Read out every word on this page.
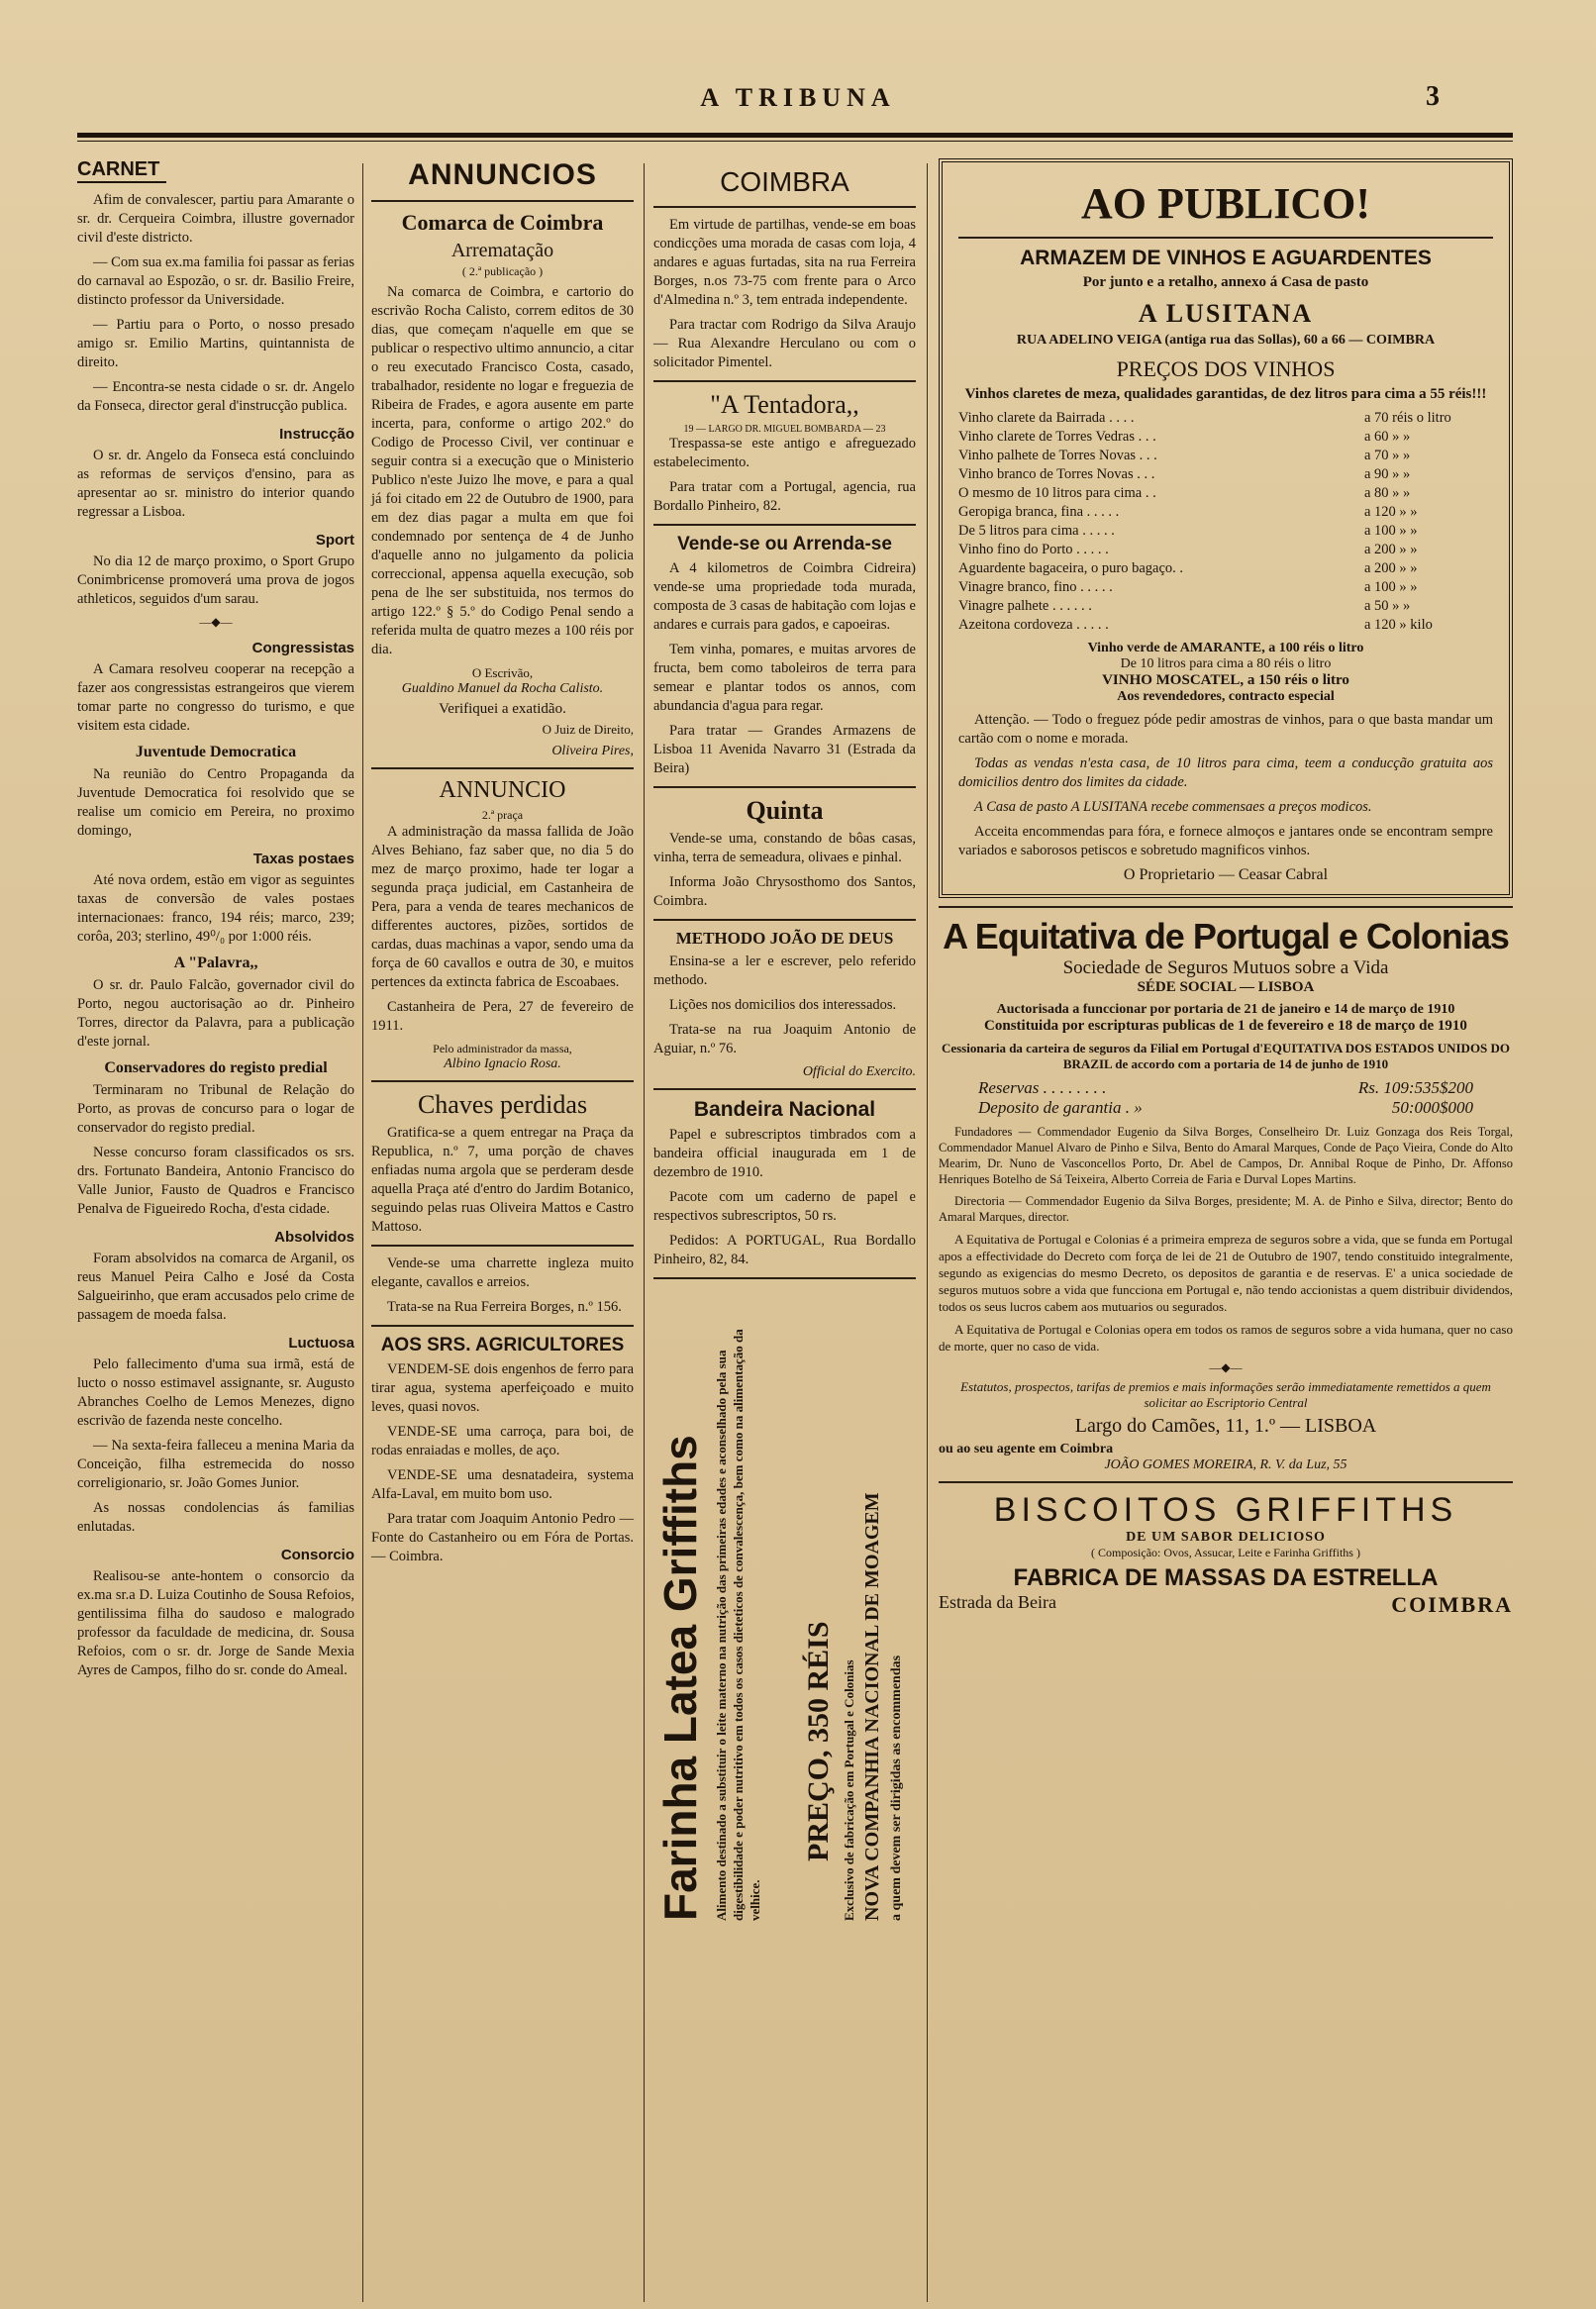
A TRIBUNA	3
CARNET

Afim de convalescer, partiu para Amarante o sr. dr. Cerqueira Coimbra, illustre governador civil d'este districto.

— Com sua ex.ma familia foi passar as ferias do carnaval ao Espozão, o sr. dr. Basilio Freire, distincto professor da Universidade.

— Partiu para o Porto, o nosso presado amigo sr. Emilio Martins, quintannista de direito.

— Encontra-se nesta cidade o sr. dr. Angelo da Fonseca, director geral d'instrucção publica.

Instrucção

O sr. dr. Angelo da Fonseca está concluindo as reformas de serviços d'ensino, para as apresentar ao sr. ministro do interior quando regressar a Lisboa.

Sport

No dia 12 de março proximo, o Sport Grupo Conimbricense promoverá uma prova de jogos athleticos, seguidos d'um sarau.

—◆—
Congressistas

A Camara resolveu cooperar na recepção a fazer aos congressistas estrangeiros que vierem tomar parte no congresso do turismo, e que visitem esta cidade.

Juventude Democratica

Na reunião do Centro Propaganda da Juventude Democratica foi resolvido que se realise um comicio em Pereira, no proximo domingo,

Taxas postaes

Até nova ordem, estão em vigor as seguintes taxas de conversão de vales postaes internacionaes: franco, 194 réis; marco, 239; corôa, 203; sterlino, 49⁰/₀ por 1:000 réis.

A "Palavra,,

O sr. dr. Paulo Falcão, governador civil do Porto, negou auctorisação ao dr. Pinheiro Torres, director da Palavra, para a publicação d'este jornal.

Conservadores do registo predial

Terminaram no Tribunal de Relação do Porto, as provas de concurso para o logar de conservador do registo predial.

Nesse concurso foram classificados os srs. drs. Fortunato Bandeira, Antonio Francisco do Valle Junior, Fausto de Quadros e Francisco Penalva de Figueiredo Rocha, d'esta cidade.

Absolvidos

Foram absolvidos na comarca de Arganil, os reus Manuel Peira Calho e José da Costa Salgueirinho, que eram accusados pelo crime de passagem de moeda falsa.

Luctuosa

Pelo fallecimento d'uma sua irmã, está de lucto o nosso estimavel assignante, sr. Augusto Abranches Coelho de Lemos Menezes, digno escrivão de fazenda neste concelho.

— Na sexta-feira falleceu a menina Maria da Conceição, filha estremecida do nosso correligionario, sr. João Gomes Junior.

As nossas condolencias ás familias enlutadas.

Consorcio

Realisou-se ante-hontem o consorcio da ex.ma sr.a D. Luiza Coutinho de Sousa Refoios, gentilissima filha do saudoso e malogrado professor da faculdade de medicina, dr. Sousa Refoios, com o sr. dr. Jorge de Sande Mexia Ayres de Campos, filho do sr. conde do Ameal.

ANNUNCIOS
Comarca de Coimbra
Arrematação
( 2.ª publicação )

Na comarca de Coimbra, e cartorio do escrivão Rocha Calisto, correm editos de 30 dias, que começam n'aquelle em que se publicar o respectivo ultimo annuncio, a citar o reu executado Francisco Costa, casado, trabalhador, residente no logar e freguezia de Ribeira de Frades, e agora ausente em parte incerta, para, conforme o artigo 202.º do Codigo de Processo Civil, ver continuar e seguir contra si a execução que o Ministerio Publico n'este Juizo lhe move, e para a qual já foi citado em 22 de Outubro de 1900, para em dez dias pagar a multa em que foi condemnado por sentença de 4 de Junho d'aquelle anno no julgamento da policia correccional, appensa aquella execução, sob pena de lhe ser substituida, nos termos do artigo 122.º § 5.º do Codigo Penal sendo a referida multa de quatro mezes a 100 réis por dia.

O Escrivão,
Gualdino Manuel da Rocha Calisto.
Verifiquei a exatidão.
O Juiz de Direito,
Oliveira Pires,
ANNUNCIO
2.ª praça

A administração da massa fallida de João Alves Behiano, faz saber que, no dia 5 do mez de março proximo, hade ter logar a segunda praça judicial, em Castanheira de Pera, para a venda de teares mechanicos de differentes auctores, pizões, sortidos de cardas, duas machinas a vapor, sendo uma da força de 60 cavallos e outra de 30, e muitos pertences da extincta fabrica de Escoabaes.

Castanheira de Pera, 27 de fevereiro de 1911.

Pelo administrador da massa,
Albino Ignacio Rosa.
Chaves perdidas

Gratifica-se a quem entregar na Praça da Republica, n.º 7, uma porção de chaves enfiadas numa argola que se perderam desde aquella Praça até d'entro do Jardim Botanico, seguindo pelas ruas Oliveira Mattos e Castro Mattoso.

Vende-se uma charrette ingleza muito elegante, cavallos e arreios.

Trata-se na Rua Ferreira Borges, n.º 156.

AOS SRS. AGRICULTORES

VENDEM-SE dois engenhos de ferro para tirar agua, systema aperfeiçoado e muito leves, quasi novos.

VENDE-SE uma carroça, para boi, de rodas enraiadas e molles, de aço.

VENDE-SE uma desnatadeira, systema Alfa-Laval, em muito bom uso.

Para tratar com Joaquim Antonio Pedro — Fonte do Castanheiro ou em Fóra de Portas.— Coimbra.

COIMBRA

Em virtude de partilhas, vende-se em boas condicções uma morada de casas com loja, 4 andares e aguas furtadas, sita na rua Ferreira Borges, n.os 73-75 com frente para o Arco d'Almedina n.º 3, tem entrada independente.

Para tractar com Rodrigo da Silva Araujo — Rua Alexandre Herculano ou com o solicitador Pimentel.

"A Tentadora,,
19 — LARGO DR. MIGUEL BOMBARDA — 23

Trespassa-se este antigo e afreguezado estabelecimento.

Para tratar com a Portugal, agencia, rua Bordallo Pinheiro, 82.

Vende-se ou Arrenda-se

A 4 kilometros de Coimbra Cidreira) vende-se uma propriedade toda murada, composta de 3 casas de habitação com lojas e andares e currais para gados, e capoeiras.

Tem vinha, pomares, e muitas arvores de fructa, bem como taboleiros de terra para semear e plantar todos os annos, com abundancia d'agua para regar.

Para tratar — Grandes Armazens de Lisboa 11 Avenida Navarro 31 (Estrada da Beira)

Quinta

Vende-se uma, constando de bôas casas, vinha, terra de semeadura, olivaes e pinhal.

Informa João Chrysosthomo dos Santos, Coimbra.

METHODO JOÃO DE DEUS

Ensina-se a ler e escrever, pelo referido methodo.

Lições nos domicilios dos interessados.

Trata-se na rua Joaquim Antonio de Aguiar, n.º 76.

Official do Exercito.
Bandeira Nacional

Papel e subrescriptos timbrados com a bandeira official inaugurada em 1 de dezembro de 1910.

Pacote com um caderno de papel e respectivos subrescriptos, 50 rs.

Pedidos: A PORTUGAL, Rua Bordallo Pinheiro, 82, 84.

Farinha Latea Griffiths Alimento destinado a substituir o leite materno na nutrição das primeiras edades e aconselhado pela sua digestibilidade e poder nutritivo em todos os casos dieteticos de convalescença, bem como na alimentação da velhice.
PREÇO, 350 RÉIS Exclusivo de fabricação em Portugal e Colonias NOVA COMPANHIA NACIONAL DE MOAGEM a quem devem ser dirigidas as encommendas
AO PUBLICO!
ARMAZEM DE VINHOS E AGUARDENTES
Por junto e a retalho, annexo á Casa de pasto
A LUSITANA
RUA ADELINO VEIGA (antiga rua das Sollas), 60 a 66 — COIMBRA
PREÇOS DOS VINHOS
Vinhos claretes de meza, qualidades garantidas, de dez litros para cima a 55 réis!!!
Vinho clarete da Bairrada . . . .	a 70 réis o litro
Vinho clarete de Torres Vedras . . .	a 60 » »
Vinho palhete de Torres Novas . . .	a 70 » »
Vinho branco de Torres Novas . . .	a 90 » »
O mesmo de 10 litros para cima . .	a 80 » »
Geropiga branca, fina . . . . .	a 120 » »
De 5 litros para cima . . . . .	a 100 » »
Vinho fino do Porto . . . . .	a 200 » »
Aguardente bagaceira, o puro bagaço. .	a 200 » »
Vinagre branco, fino . . . . .	a 100 » »
Vinagre palhete . . . . . .	a 50 » »
Azeitona cordoveza . . . . .	a 120 » kilo
Vinho verde de AMARANTE, a 100 réis o litro
De 10 litros para cima a 80 réis o litro
VINHO MOSCATEL, a 150 réis o litro
Aos revendedores, contracto especial

Attenção. — Todo o freguez póde pedir amostras de vinhos, para o que basta mandar um cartão com o nome e morada.

Todas as vendas n'esta casa, de 10 litros para cima, teem a conducção gratuita aos domicilios dentro dos limites da cidade.

A Casa de pasto A LUSITANA recebe commensaes a preços modicos.

Acceita encommendas para fóra, e fornece almoços e jantares onde se encontram sempre variados e saborosos petiscos e sobretudo magnificos vinhos.

O Proprietario — Ceasar Cabral
A Equitativa de Portugal e Colonias
Sociedade de Seguros Mutuos sobre a Vida
SÉDE SOCIAL — LISBOA
Auctorisada a funccionar por portaria de 21 de janeiro e 14 de março de 1910
Constituida por escripturas publicas de 1 de fevereiro e 18 de março de 1910
Cessionaria da carteira de seguros da Filial em Portugal d'EQUITATIVA DOS ESTADOS UNIDOS DO BRAZIL de accordo com a portaria de 14 de junho de 1910
Reservas . . . . . . . .	Rs. 109:535$200
Deposito de garantia . »	50:000$000

Fundadores — Commendador Eugenio da Silva Borges, Conselheiro Dr. Luiz Gonzaga dos Reis Torgal, Commendador Manuel Alvaro de Pinho e Silva, Bento do Amaral Marques, Conde de Paço Vieira, Conde do Alto Mearim, Dr. Nuno de Vasconcellos Porto, Dr. Abel de Campos, Dr. Annibal Roque de Pinho, Dr. Affonso Henriques Botelho de Sá Teixeira, Alberto Correia de Faria e Durval Lopes Martins.

Directoria — Commendador Eugenio da Silva Borges, presidente; M. A. de Pinho e Silva, director; Bento do Amaral Marques, director.

A Equitativa de Portugal e Colonias é a primeira empreza de seguros sobre a vida, que se funda em Portugal apos a effectividade do Decreto com força de lei de 21 de Outubro de 1907, tendo constituido integralmente, segundo as exigencias do mesmo Decreto, os depositos de garantia e de reservas. E' a unica sociedade de seguros mutuos sobre a vida que funcciona em Portugal e, não tendo accionistas a quem distribuir dividendos, todos os seus lucros cabem aos mutuarios ou segurados.

A Equitativa de Portugal e Colonias opera em todos os ramos de seguros sobre a vida humana, quer no caso de morte, quer no caso de vida.

—◆—
Estatutos, prospectos, tarifas de premios e mais informações serão immediatamente remettidos a quem solicitar ao Escriptorio Central
Largo do Camões, 11, 1.º — LISBOA
ou ao seu agente em Coimbra
JOÃO GOMES MOREIRA, R. V. da Luz, 55
BISCOITOS GRIFFITHS
DE UM SABOR DELICIOSO
( Composição: Ovos, Assucar, Leite e Farinha Griffiths )
FABRICA DE MASSAS DA ESTRELLA
Estrada da Beira	COIMBRA
